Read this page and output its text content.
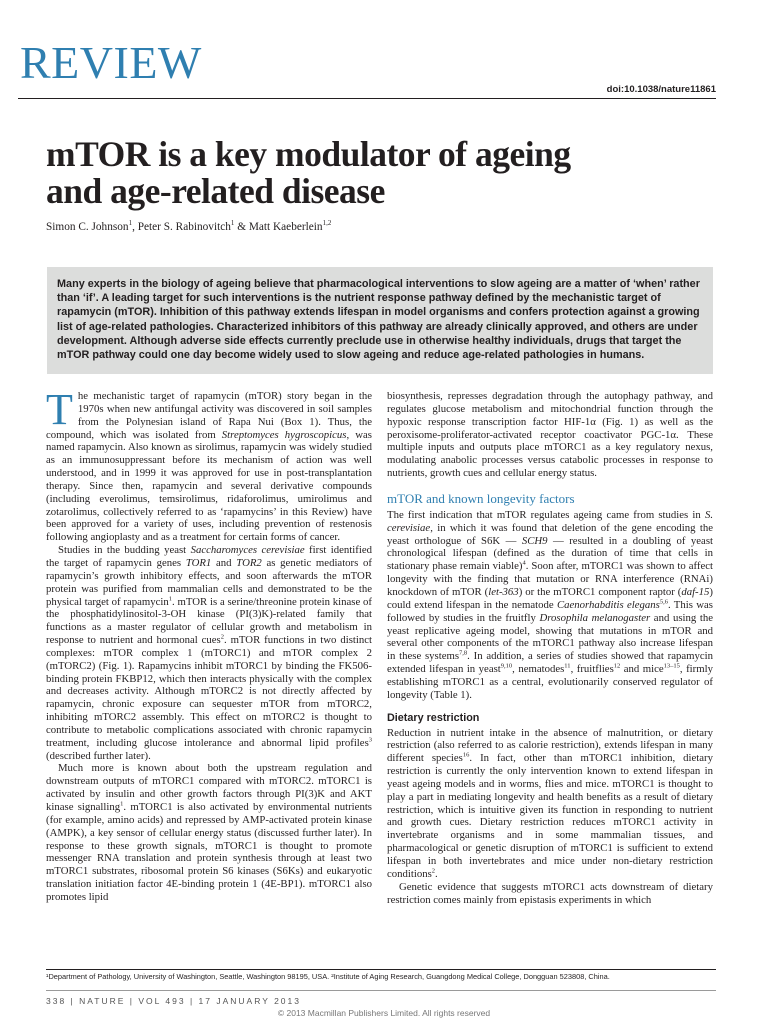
REVIEW
doi:10.1038/nature11861
mTOR is a key modulator of ageing
and age-related disease
Simon C. Johnson$^1$, Peter S. Rabinovitch$^1$ & Matt Kaeberlein$^{1,2}$

Many experts in the biology of ageing believe that pharmacological interventions to slow ageing are a matter of ‘when’ rather than ‘if’. A leading target for such interventions is the nutrient response pathway defined by the mechanistic target of rapamycin (mTOR). Inhibition of this pathway extends lifespan in model organisms and confers protection against a growing list of age-related pathologies. Characterized inhibitors of this pathway are already clinically approved, and others are under development. Although adverse side effects currently preclude use in otherwise healthy individuals, drugs that target the mTOR pathway could one day become widely used to slow ageing and reduce age-related pathologies in humans.

The mechanistic target of rapamycin (mTOR) story began in the 1970s when new antifungal activity was discovered in soil samples from the Polynesian island of Rapa Nui (Box 1). Thus, the compound, which was isolated from Streptomyces hygroscopicus, was named rapamycin. Also known as sirolimus, rapamycin was widely studied as an immunosuppressant before its mechanism of action was well understood, and in 1999 it was approved for use in post-transplantation therapy. Since then, rapamycin and several derivative compounds (including everolimus, temsirolimus, ridaforolimus, umirolimus and zotarolimus, collectively referred to as ‘rapamycins’ in this Review) have been approved for a variety of uses, including prevention of restenosis following angioplasty and as a treatment for certain forms of cancer.

Studies in the budding yeast Saccharomyces cerevisiae first identified the target of rapamycin genes TOR1 and TOR2 as genetic mediators of rapamycin’s growth inhibitory effects, and soon afterwards the mTOR protein was purified from mammalian cells and demonstrated to be the physical target of rapamycin$^1$. mTOR is a serine/threonine protein kinase of the phosphatidylinositol-3-OH kinase (PI(3)K)-related family that functions as a master regulator of cellular growth and metabolism in response to nutrient and hormonal cues$^2$. mTOR functions in two distinct complexes: mTOR complex 1 (mTORC1) and mTOR complex 2 (mTORC2) (Fig. 1). Rapamycins inhibit mTORC1 by binding the FK506-binding protein FKBP12, which then interacts physically with the complex and decreases activity. Although mTORC2 is not directly affected by rapamycin, chronic exposure can sequester mTOR from mTORC2, inhibiting mTORC2 assembly. This effect on mTORC2 is thought to contribute to metabolic complications associated with chronic rapamycin treatment, including glucose intolerance and abnormal lipid profiles$^3$ (described further later).

Much more is known about both the upstream regulation and downstream outputs of mTORC1 compared with mTORC2. mTORC1 is activated by insulin and other growth factors through PI(3)K and AKT kinase signalling$^1$. mTORC1 is also activated by environmental nutrients (for example, amino acids) and repressed by AMP-activated protein kinase (AMPK), a key sensor of cellular energy status (discussed further later). In response to these growth signals, mTORC1 is thought to promote messenger RNA translation and protein synthesis through at least two mTORC1 substrates, ribosomal protein S6 kinases (S6Ks) and eukaryotic translation initiation factor 4E-binding protein 1 (4E-BP1). mTORC1 also promotes lipid

biosynthesis, represses degradation through the autophagy pathway, and regulates glucose metabolism and mitochondrial function through the hypoxic response transcription factor HIF-1α (Fig. 1) as well as the peroxisome-proliferator-activated receptor coactivator PGC-1α. These multiple inputs and outputs place mTORC1 as a key regulatory nexus, modulating anabolic processes versus catabolic processes in response to nutrients, growth cues and cellular energy status.

mTOR and known longevity factors

The first indication that mTOR regulates ageing came from studies in S. cerevisiae, in which it was found that deletion of the gene encoding the yeast orthologue of S6K — SCH9 — resulted in a doubling of yeast chronological lifespan (defined as the duration of time that cells in stationary phase remain viable)$^4$. Soon after, mTORC1 was shown to affect longevity with the finding that mutation or RNA interference (RNAi) knockdown of mTOR (let-363) or the mTORC1 component raptor (daf-15) could extend lifespan in the nematode Caenorhabditis elegans$^{5,6}$. This was followed by studies in the fruitfly Drosophila melanogaster and using the yeast replicative ageing model, showing that mutations in mTOR and several other components of the mTORC1 pathway also increase lifespan in these systems$^{7,8}$. In addition, a series of studies showed that rapamycin extended lifespan in yeast$^{9,10}$, nematodes$^{11}$, fruitflies$^{12}$ and mice$^{13-15}$, firmly establishing mTORC1 as a central, evolutionarily conserved regulator of longevity (Table 1).

Dietary restriction

Reduction in nutrient intake in the absence of malnutrition, or dietary restriction (also referred to as calorie restriction), extends lifespan in many different species$^{16}$. In fact, other than mTORC1 inhibition, dietary restriction is currently the only intervention known to extend lifespan in yeast ageing models and in worms, flies and mice. mTORC1 is thought to play a part in mediating longevity and health benefits as a result of dietary restriction, which is intuitive given its function in responding to nutrient and growth cues. Dietary restriction reduces mTORC1 activity in invertebrate organisms and in some mammalian tissues, and pharmacological or genetic disruption of mTORC1 is sufficient to extend lifespan in both invertebrates and mice under non-dietary restriction conditions$^2$.

Genetic evidence that suggests mTORC1 acts downstream of dietary restriction comes mainly from epistasis experiments in which

¹Department of Pathology, University of Washington, Seattle, Washington 98195, USA. ²Institute of Aging Research, Guangdong Medical College, Dongguan 523808, China.
338 | NATURE | VOL 493 | 17 JANUARY 2013
© 2013 Macmillan Publishers Limited. All rights reserved
